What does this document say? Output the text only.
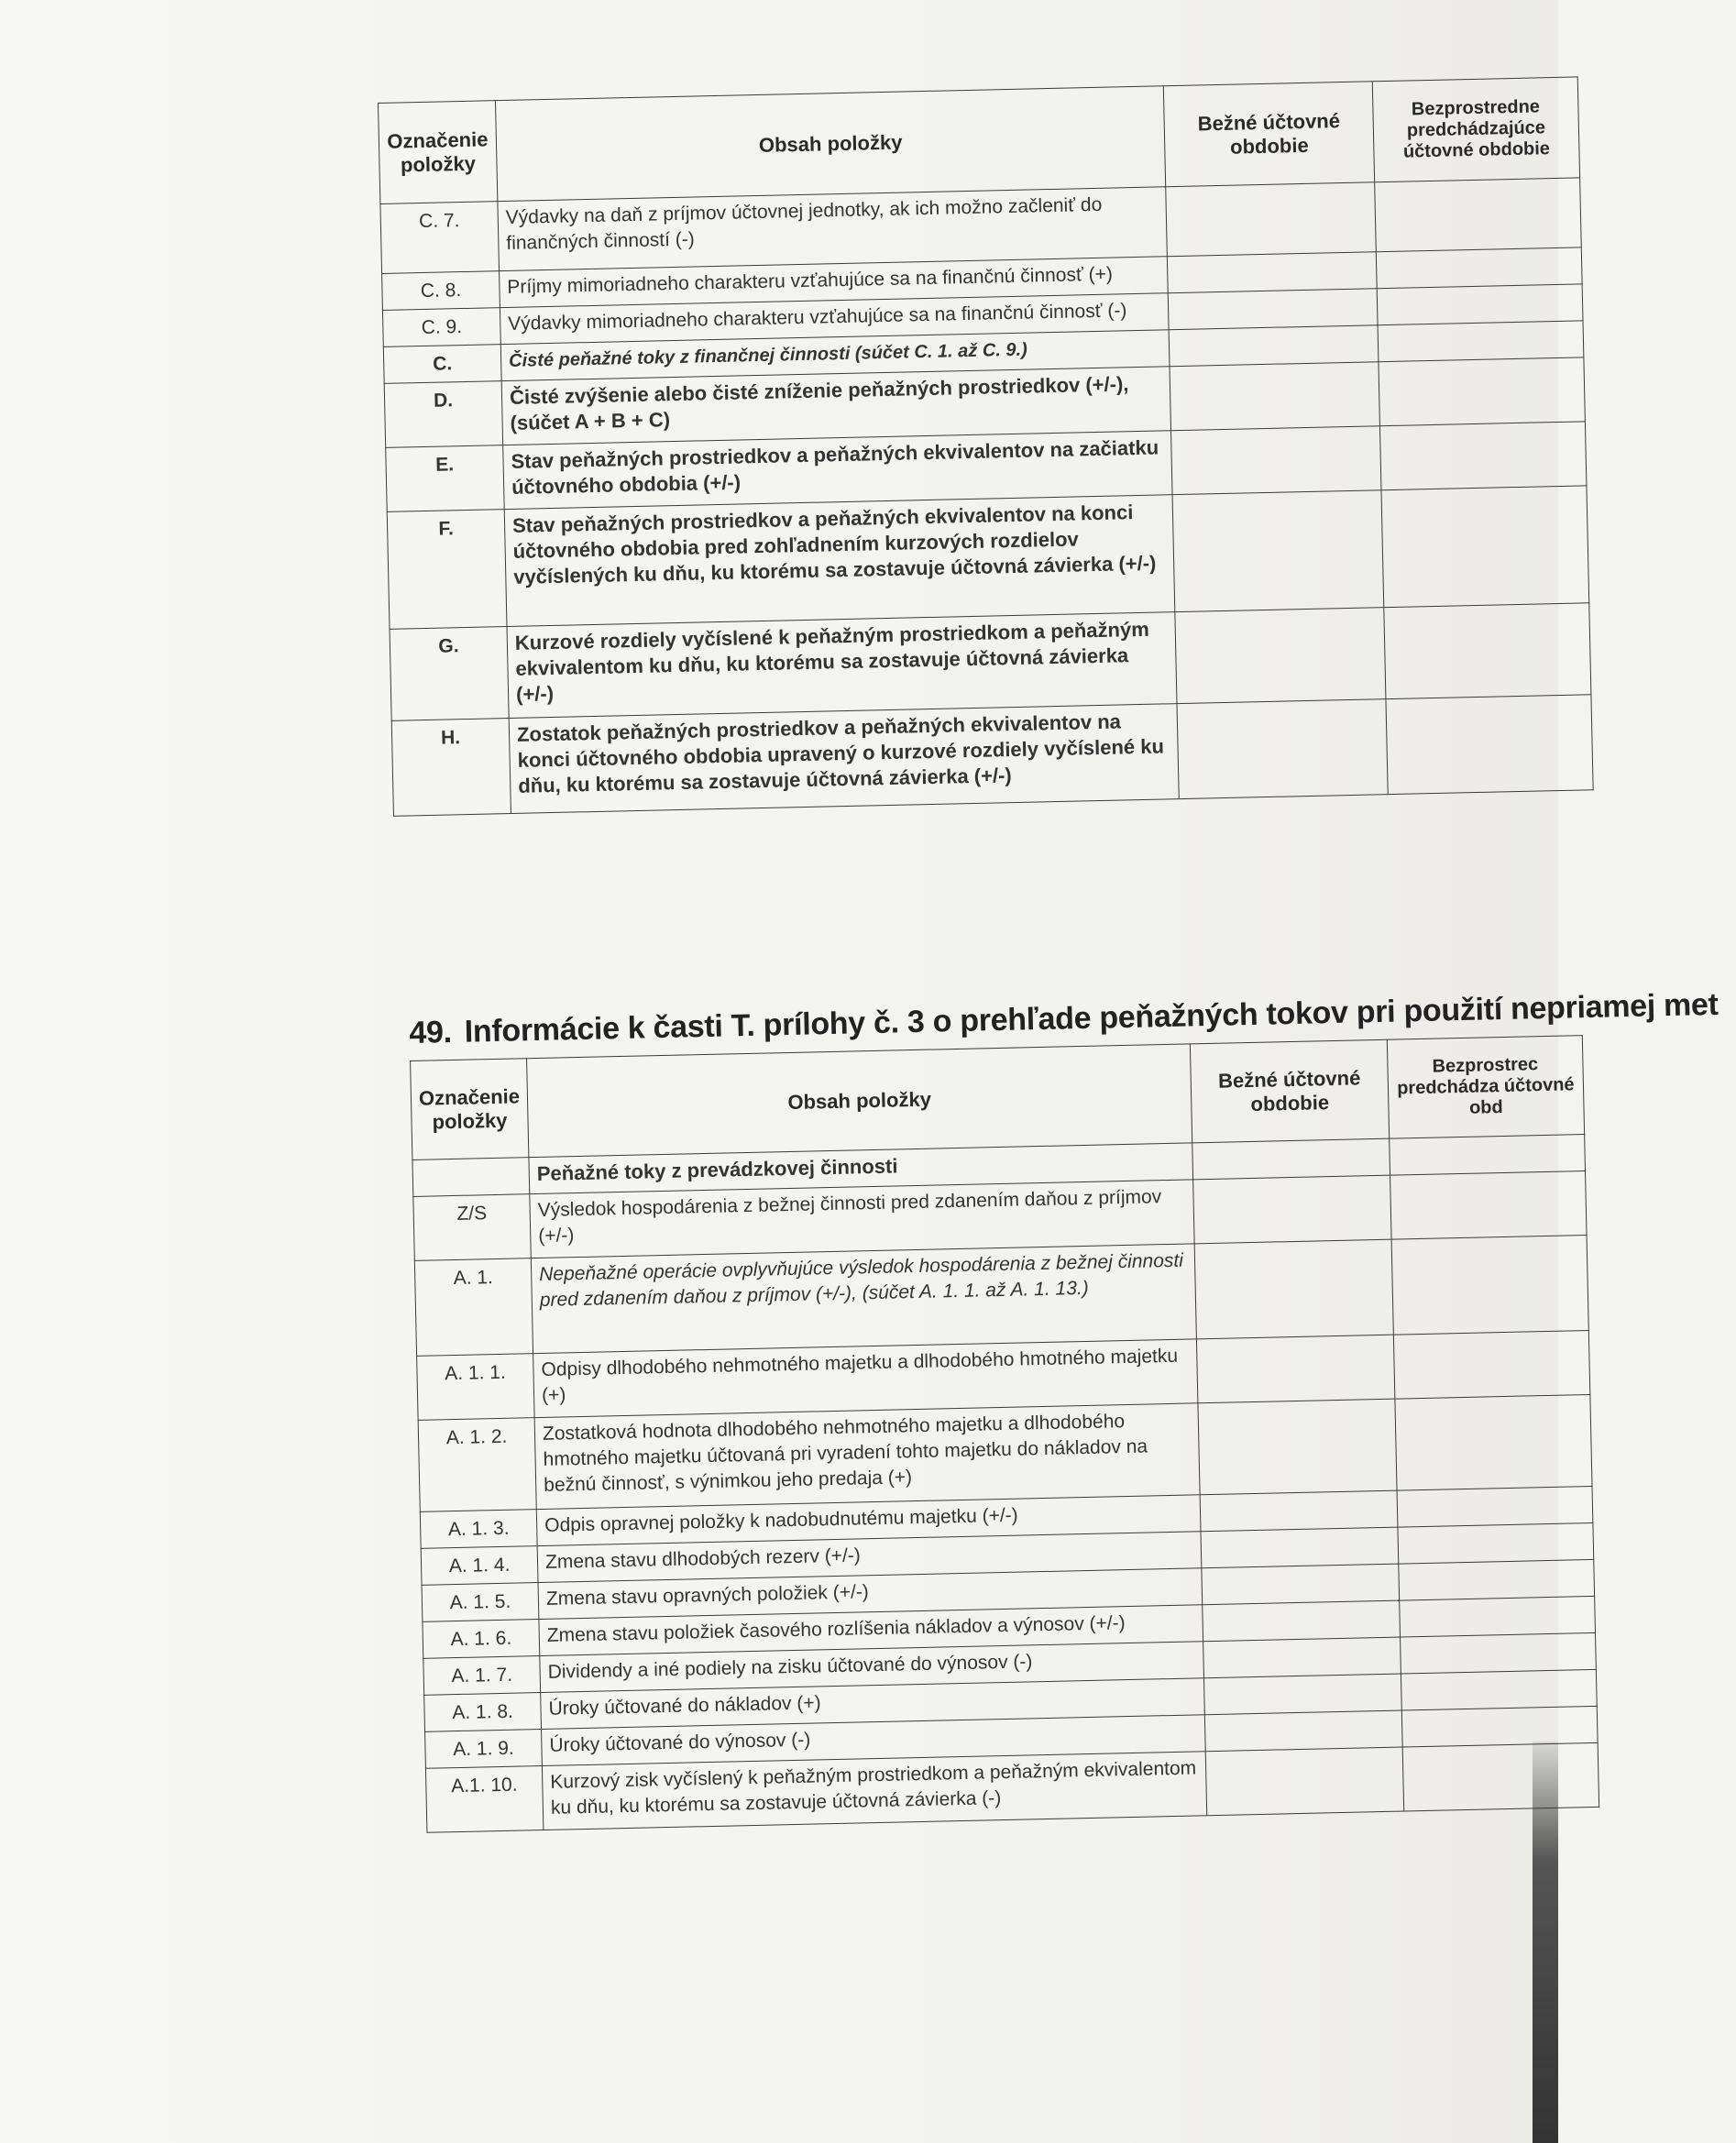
Označenie položky	Obsah položky	Bežné účtovné obdobie	Bezprostredne predchádzajúce účtovné obdobie
C. 7.	Výdavky na daň z príjmov účtovnej jednotky, ak ich možno začleniť do finančných činností (-)		
C. 8.	Príjmy mimoriadneho charakteru vzťahujúce sa na finančnú činnosť (+)		
C. 9.	Výdavky mimoriadneho charakteru vzťahujúce sa na finančnú činnosť (-)		
C.	Čisté peňažné toky z finančnej činnosti (súčet C. 1. až C. 9.)		
D.	Čisté zvýšenie alebo čisté zníženie peňažných prostriedkov (+/-), (súčet A + B + C)		
E.	Stav peňažných prostriedkov a peňažných ekvivalentov na začiatku účtovného obdobia (+/-)		
F.	Stav peňažných prostriedkov a peňažných ekvivalentov na konci účtovného obdobia pred zohľadnením kurzových rozdielov vyčíslených ku dňu, ku ktorému sa zostavuje účtovná závierka (+/-)		
G.	Kurzové rozdiely vyčíslené k peňažným prostriedkom a peňažným ekvivalentom ku dňu, ku ktorému sa zostavuje účtovná závierka (+/-)		
H.	Zostatok peňažných prostriedkov a peňažných ekvivalentov na konci účtovného obdobia upravený o kurzové rozdiely vyčíslené ku dňu, ku ktorému sa zostavuje účtovná závierka (+/-)		
49. Informácie k časti T. prílohy č. 3 o prehľade peňažných tokov pri použití nepriamej met
Označenie položky	Obsah položky	Bežné účtovné obdobie	Bezprostrec predchádza účtovné obd
	Peňažné toky z prevádzkovej činnosti		
Z/S	Výsledok hospodárenia z bežnej činnosti pred zdanením daňou z príjmov (+/-)		
A. 1.	Nepeňažné operácie ovplyvňujúce výsledok hospodárenia z bežnej činnosti pred zdanením daňou z príjmov (+/-), (súčet A. 1. 1. až A. 1. 13.)		
A. 1. 1.	Odpisy dlhodobého nehmotného majetku a dlhodobého hmotného majetku (+)		
A. 1. 2.	Zostatková hodnota dlhodobého nehmotného majetku a dlhodobého hmotného majetku účtovaná pri vyradení tohto majetku do nákladov na bežnú činnosť, s výnimkou jeho predaja (+)		
A. 1. 3.	Odpis opravnej položky k nadobudnutému majetku (+/-)		
A. 1. 4.	Zmena stavu dlhodobých rezerv (+/-)		
A. 1. 5.	Zmena stavu opravných položiek (+/-)		
A. 1. 6.	Zmena stavu položiek časového rozlíšenia nákladov a výnosov (+/-)		
A. 1. 7.	Dividendy a iné podiely na zisku účtované do výnosov (-)		
A. 1. 8.	Úroky účtované do nákladov (+)		
A. 1. 9.	Úroky účtované do výnosov (-)		
A.1. 10.	Kurzový zisk vyčíslený k peňažným prostriedkom a peňažným ekvivalentom ku dňu, ku ktorému sa zostavuje účtovná závierka (-)		
